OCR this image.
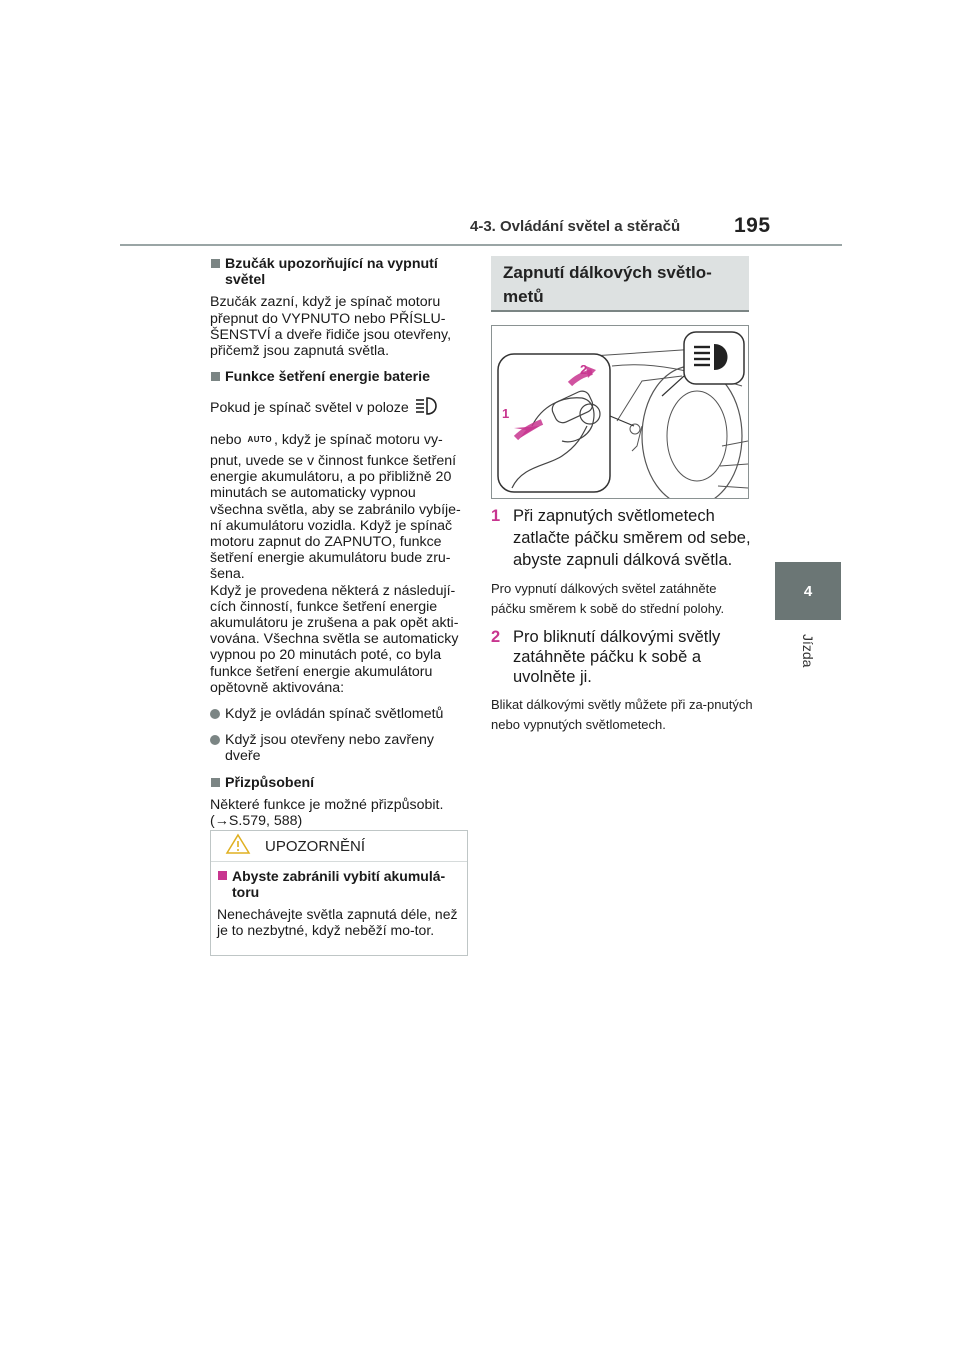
4-3. Ovládání světel a stěračů	195
4
Jízda
Bzučák upozorňující na vypnutí světel

Bzučák zazní, když je spínač motoru přepnut do VYPNUTO nebo PŘÍSLU-ŠENSTVÍ a dveře řidiče jsou otevřeny, přičemž jsou zapnutá světla.

Funkce šetření energie baterie

Pokud je spínač světel v poloze

nebo AUTO , když je spínač motoru vy-

pnut, uvede se v činnost funkce šetření energie akumulátoru, a po přibližně 20 minutách se automaticky vypnou všechna světla, aby se zabránilo vybíje-ní akumulátoru vozidla. Když je spínač motoru zapnut do ZAPNUTO, funkce šetření energie akumulátoru bude zru-šena.

Když je provedena některá z následují-cích činností, funkce šetření energie akumulátoru je zrušena a pak opět akti-vována. Všechna světla se automaticky vypnou po 20 minutách poté, co byla funkce šetření energie akumulátoru opětovně aktivována:

Když je ovládán spínač světlometů
Když jsou otevřeny nebo zavřeny dveře
Přizpůsobení

Některé funkce je možné přizpůsobit.

(→S.579, 588)

UPOZORNĚNÍ
Abyste zabránili vybití akumulá-toru

Nenechávejte světla zapnutá déle, než je to nezbytné, když neběží mo-tor.

Zapnutí dálkových světlo-metů
1
2
1 Při zapnutých světlometech zatlačte páčku směrem od sebe, abyste zapnuli dálková světla.
Pro vypnutí dálkových světel zatáhněte páčku směrem k sobě do střední polohy.
2 Pro bliknutí dálkovými světly zatáhněte páčku k sobě a uvolněte ji.
Blikat dálkovými světly můžete při za-pnutých nebo vypnutých světlometech.
